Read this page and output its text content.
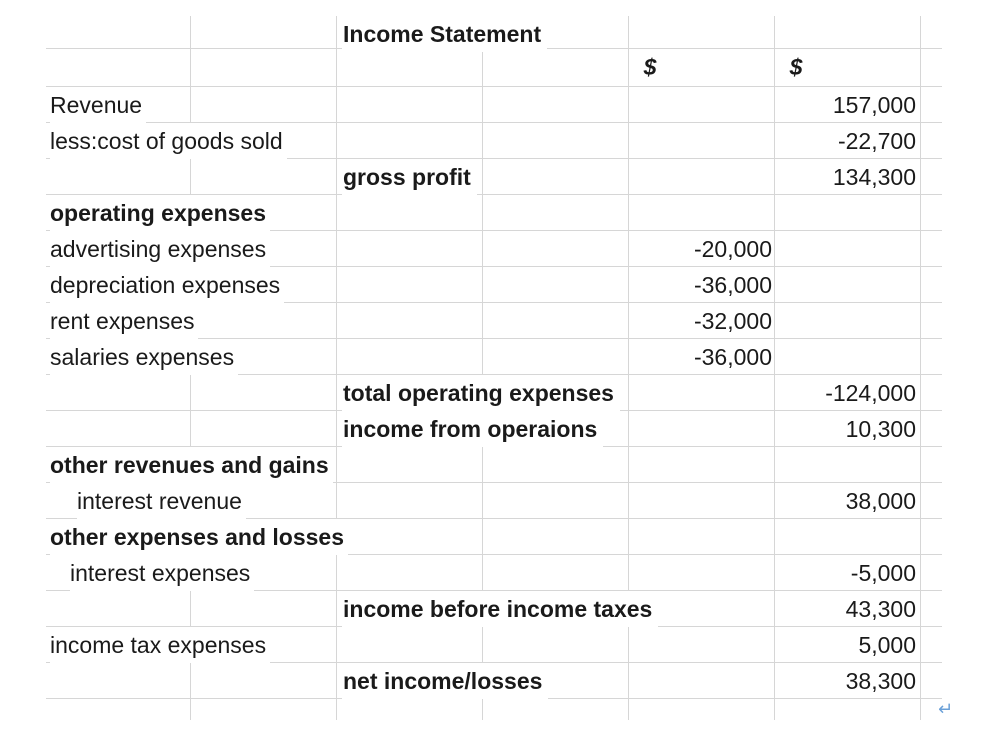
Income Statement
$	$
Revenue	157,000
less:cost of goods sold	-22,700
gross profit	134,300
operating expenses
advertising expenses	-20,000
depreciation expenses	-36,000
rent expenses	-32,000
salaries expenses	-36,000
total operating expenses	-124,000
income from operaions	10,300
other revenues and gains
interest revenue	38,000
other expenses and losses
interest expenses	-5,000
income before income taxes	43,300
income tax expenses	5,000
net income/losses	38,300
↵
